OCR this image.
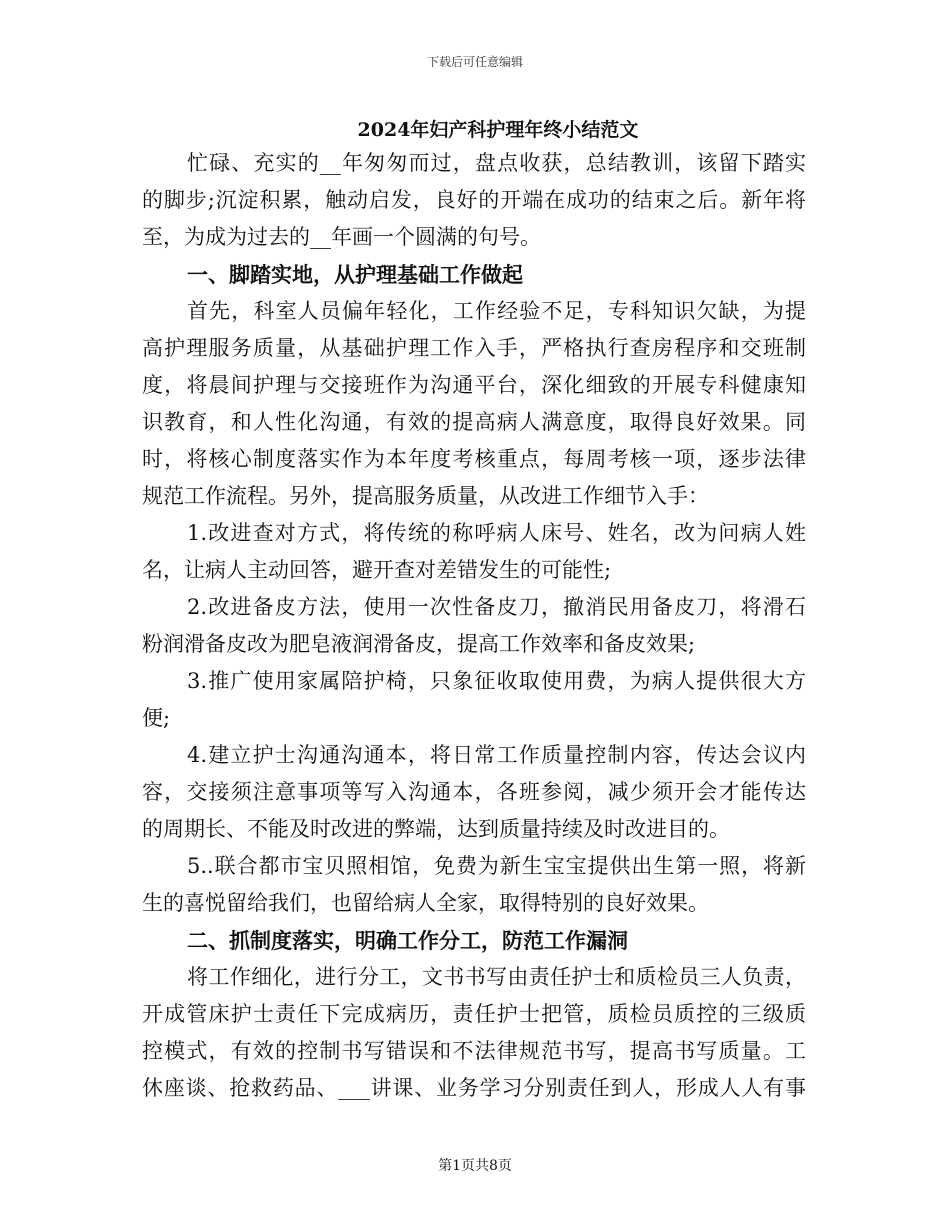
下载后可任意编辑
2024年妇产科护理年终小结范文
忙碌、充实的__年匆匆而过，盘点收获，总结教训，该留下踏实
的脚步;沉淀积累，触动启发，良好的开端在成功的结束之后。新年将
至，为成为过去的__年画一个圆满的句号。
一、脚踏实地，从护理基础工作做起
首先，科室人员偏年轻化，工作经验不足，专科知识欠缺，为提
高护理服务质量，从基础护理工作入手，严格执行查房程序和交班制
度，将晨间护理与交接班作为沟通平台，深化细致的开展专科健康知
识教育，和人性化沟通，有效的提高病人满意度，取得良好效果。同
时，将核心制度落实作为本年度考核重点，每周考核一项，逐步法律
规范工作流程。另外，提高服务质量，从改进工作细节入手：
1.改进查对方式，将传统的称呼病人床号、姓名，改为问病人姓
名，让病人主动回答，避开查对差错发生的可能性;
2.改进备皮方法，使用一次性备皮刀，撤消民用备皮刀，将滑石
粉润滑备皮改为肥皂液润滑备皮，提高工作效率和备皮效果;
3.推广使用家属陪护椅，只象征收取使用费，为病人提供很大方
便;
4.建立护士沟通沟通本，将日常工作质量控制内容，传达会议内
容，交接须注意事项等写入沟通本，各班参阅，减少须开会才能传达
的周期长、不能及时改进的弊端，达到质量持续及时改进目的。
5..联合都市宝贝照相馆，免费为新生宝宝提供出生第一照，将新
生的喜悦留给我们，也留给病人全家，取得特别的良好效果。
二、抓制度落实，明确工作分工，防范工作漏洞
将工作细化，进行分工，文书书写由责任护士和质检员三人负责，
开成管床护士责任下完成病历，责任护士把管，质检员质控的三级质
控模式，有效的控制书写错误和不法律规范书写，提高书写质量。工
休座谈、抢救药品、___讲课、业务学习分别责任到人，形成人人有事
第1页共8页
